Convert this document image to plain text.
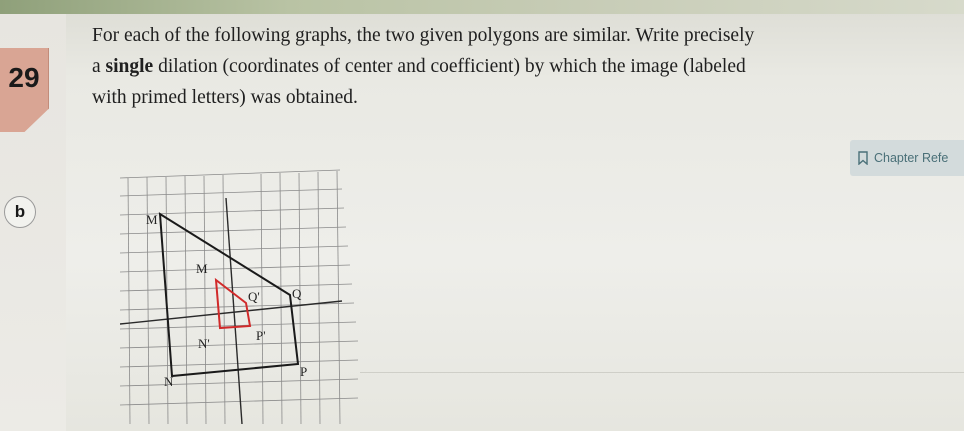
29

For each of the following graphs, the two given polygons are similar. Write precisely

a single dilation (coordinates of center and coefficient) by which the image (labeled

with primed letters) was obtained.

Chapter Refe
b	M
N
P
Q
M
N'
P'
Q'
